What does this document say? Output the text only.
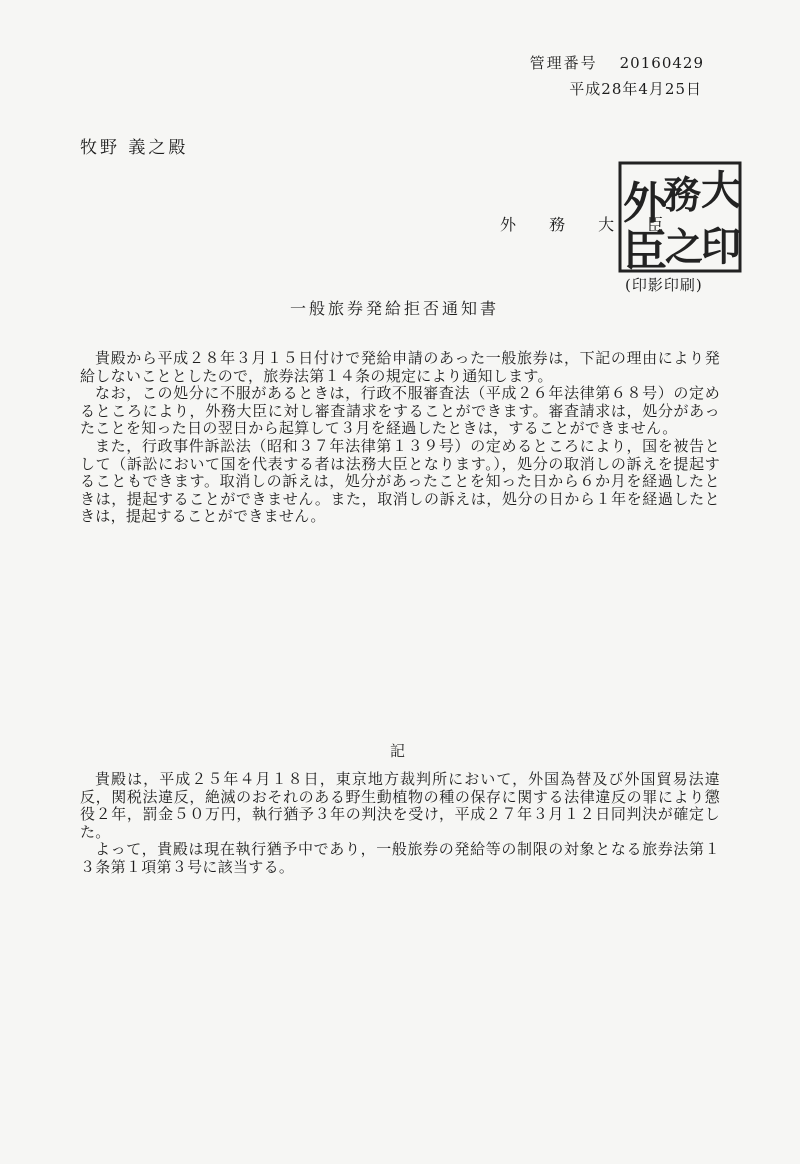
管理番号 20160429
平成28年4月25日
牧野 義之殿
外 務 大 臣
外
務 大
臣
之
印
(印影印刷)
一般旅券発給拒否通知書

貴殿から平成２８年３月１５日付けで発給申請のあった一般旅券は，下記の理由により発給しないこととしたので，旅券法第１４条の規定により通知します。

なお，この処分に不服があるときは，行政不服審査法（平成２６年法律第６８号）の定めるところにより，外務大臣に対し審査請求をすることができます。審査請求は，処分があったことを知った日の翌日から起算して３月を経過したときは，することができません。

また，行政事件訴訟法（昭和３７年法律第１３９号）の定めるところにより，国を被告として（訴訟において国を代表する者は法務大臣となります。），処分の取消しの訴えを提起することもできます。取消しの訴えは，処分があったことを知った日から６か月を経過したときは，提起することができません。また，取消しの訴えは，処分の日から１年を経過したときは，提起することができません。

記

貴殿は，平成２５年４月１８日，東京地方裁判所において，外国為替及び外国貿易法違反，関税法違反，絶滅のおそれのある野生動植物の種の保存に関する法律違反の罪により懲役２年，罰金５０万円，執行猶予３年の判決を受け，平成２７年３月１２日同判決が確定した。

よって，貴殿は現在執行猶予中であり，一般旅券の発給等の制限の対象となる旅券法第１３条第１項第３号に該当する。
